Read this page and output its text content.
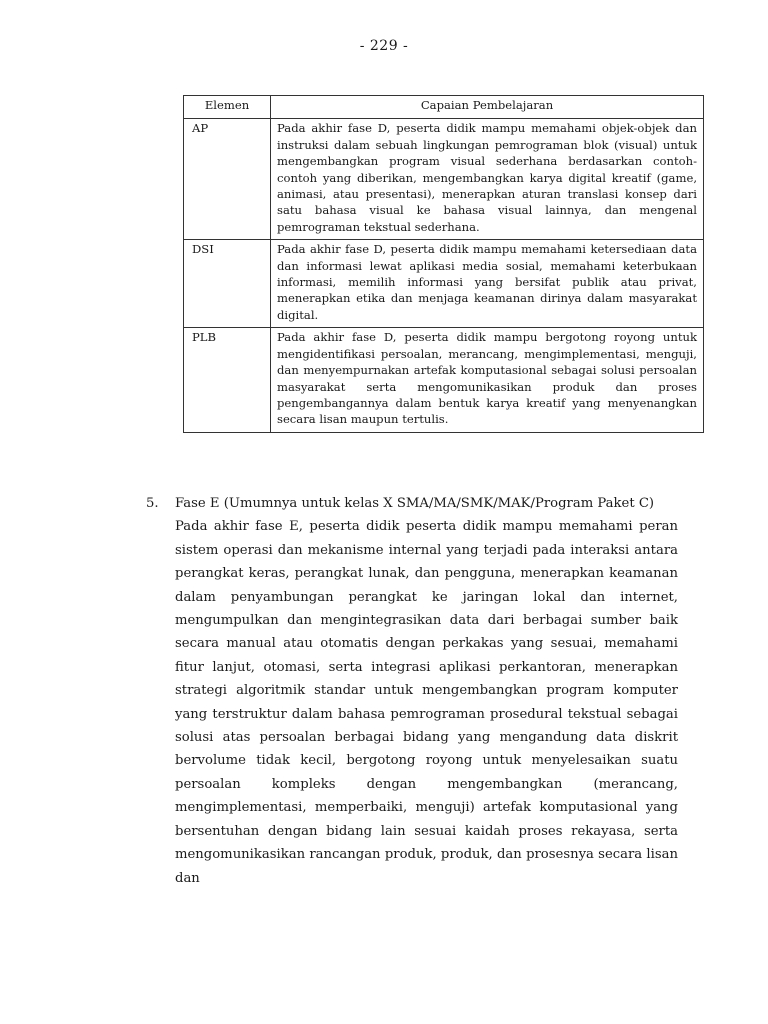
- 229 -
Elemen	Capaian Pembelajaran
AP	Pada akhir fase D, peserta didik mampu memahami objek-objek dan instruksi dalam sebuah lingkungan pemrograman blok (visual) untuk mengembangkan program visual sederhana berdasarkan contoh-contoh yang diberikan, mengembangkan karya digital kreatif (game, animasi, atau presentasi), menerapkan aturan translasi konsep dari satu bahasa visual ke bahasa visual lainnya, dan mengenal pemrograman tekstual sederhana.
DSI	Pada akhir fase D, peserta didik mampu memahami ketersediaan data dan informasi lewat aplikasi media sosial, memahami keterbukaan informasi, memilih informasi yang bersifat publik atau privat, menerapkan etika dan menjaga keamanan dirinya dalam masyarakat digital.
PLB	Pada akhir fase D, peserta didik mampu bergotong royong untuk mengidentifikasi persoalan, merancang, mengimplementasi, menguji, dan menyempurnakan artefak komputasional sebagai solusi persoalan masyarakat serta mengomunikasikan produk dan proses pengembangannya dalam bentuk karya kreatif yang menyenangkan secara lisan maupun tertulis.
5. Fase E (Umumnya untuk kelas X SMA/MA/SMK/MAK/Program Paket C)
Pada akhir fase E, peserta didik peserta didik mampu memahami peran sistem operasi dan mekanisme internal yang terjadi pada interaksi antara perangkat keras, perangkat lunak, dan pengguna, menerapkan keamanan dalam penyambungan perangkat ke jaringan lokal dan internet, mengumpulkan dan mengintegrasikan data dari berbagai sumber baik secara manual atau otomatis dengan perkakas yang sesuai, memahami fitur lanjut, otomasi, serta integrasi aplikasi perkantoran, menerapkan strategi algoritmik standar untuk mengembangkan program komputer yang terstruktur dalam bahasa pemrograman prosedural tekstual sebagai solusi atas persoalan berbagai bidang yang mengandung data diskrit bervolume tidak kecil, bergotong royong untuk menyelesaikan suatu persoalan kompleks dengan mengembangkan (merancang, mengimplementasi, memperbaiki, menguji) artefak komputasional yang bersentuhan dengan bidang lain sesuai kaidah proses rekayasa, serta mengomunikasikan rancangan produk, produk, dan prosesnya secara lisan dan
